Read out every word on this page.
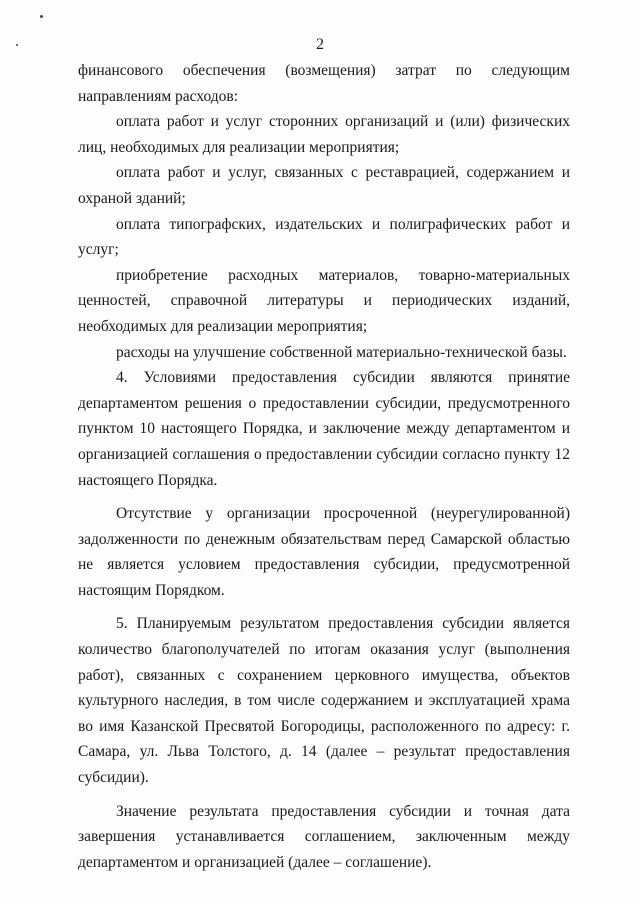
2

финансового обеспечения (возмещения) затрат по следующим направлениям расходов:

оплата работ и услуг сторонних организаций и (или) физических лиц, необходимых для реализации мероприятия;

оплата работ и услуг, связанных с реставрацией, содержанием и охраной зданий;

оплата типографских, издательских и полиграфических работ и услуг;

приобретение расходных материалов, товарно-материальных ценностей, справочной литературы и периодических изданий, необходимых для реализации мероприятия;

расходы на улучшение собственной материально-технической базы.

4. Условиями предоставления субсидии являются принятие департаментом решения о предоставлении субсидии, предусмотренного пунктом 10 настоящего Порядка, и заключение между департаментом и организацией соглашения о предоставлении субсидии согласно пункту 12 настоящего Порядка.

Отсутствие у организации просроченной (неурегулированной) задолженности по денежным обязательствам перед Самарской областью не является условием предоставления субсидии, предусмотренной настоящим Порядком.

5. Планируемым результатом предоставления субсидии является количество благополучателей по итогам оказания услуг (выполнения работ), связанных с сохранением церковного имущества, объектов культурного наследия, в том числе содержанием и эксплуатацией храма во имя Казанской Пресвятой Богородицы, расположенного по адресу: г. Самара, ул. Льва Толстого, д. 14 (далее – результат предоставления субсидии).

Значение результата предоставления субсидии и точная дата завершения устанавливается соглашением, заключенным между департаментом и организацией (далее – соглашение).
